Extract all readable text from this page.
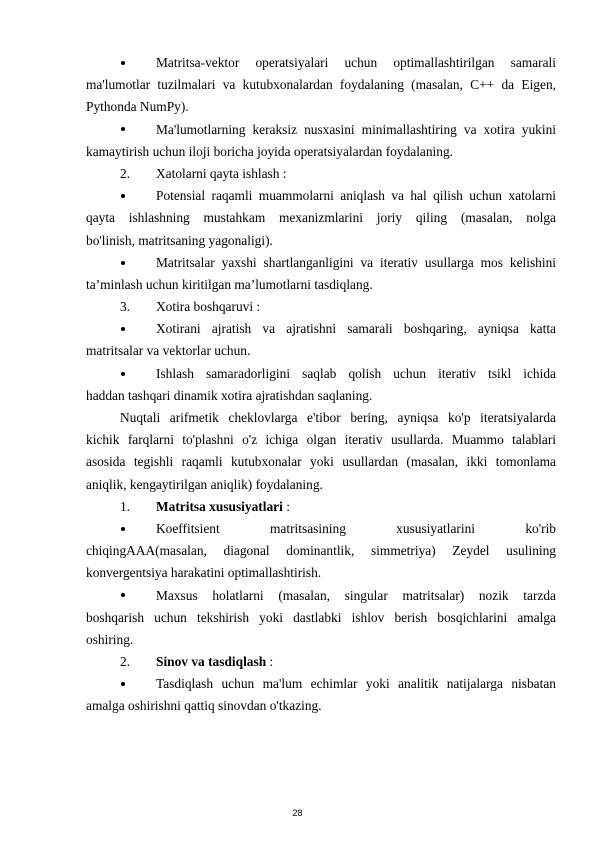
Matritsa-vektor operatsiyalari uchun optimallashtirilgan samarali
ma'lumotlar tuzilmalari va kutubxonalardan foydalaning (masalan, C++ da Eigen,
Pythonda NumPy).
Ma'lumotlarning keraksiz nusxasini minimallashtiring va xotira yukini
kamaytirish uchun iloji boricha joyida operatsiyalardan foydalaning.
2.	Xatolarni qayta ishlash :
Potensial raqamli muammolarni aniqlash va hal qilish uchun xatolarni
qayta ishlashning mustahkam mexanizmlarini joriy qiling (masalan, nolga
bo'linish, matritsaning yagonaligi).
Matritsalar yaxshi shartlanganligini va iterativ usullarga mos kelishini
taʼminlash uchun kiritilgan maʼlumotlarni tasdiqlang.
3.	Xotira boshqaruvi :
Xotirani ajratish va ajratishni samarali boshqaring, ayniqsa katta
matritsalar va vektorlar uchun.
Ishlash samaradorligini saqlab qolish uchun iterativ tsikl ichida
haddan tashqari dinamik xotira ajratishdan saqlaning.
Nuqtali arifmetik cheklovlarga e'tibor bering, ayniqsa ko'p iteratsiyalarda
kichik farqlarni to'plashni o'z ichiga olgan iterativ usullarda. Muammo talablari
asosida tegishli raqamli kutubxonalar yoki usullardan (masalan, ikki tomonlama
aniqlik, kengaytirilgan aniqlik) foydalaning.
1.	Matritsa xususiyatlari :
Koeffitsient matritsasining xususiyatlarini ko'rib
chiqingAAA(masalan, diagonal dominantlik, simmetriya) Zeydel usulining
konvergentsiya harakatini optimallashtirish.
Maxsus holatlarni (masalan, singular matritsalar) nozik tarzda
boshqarish uchun tekshirish yoki dastlabki ishlov berish bosqichlarini amalga
oshiring.
2.	Sinov va tasdiqlash :
Tasdiqlash uchun ma'lum echimlar yoki analitik natijalarga nisbatan
amalga oshirishni qattiq sinovdan o'tkazing.
28
